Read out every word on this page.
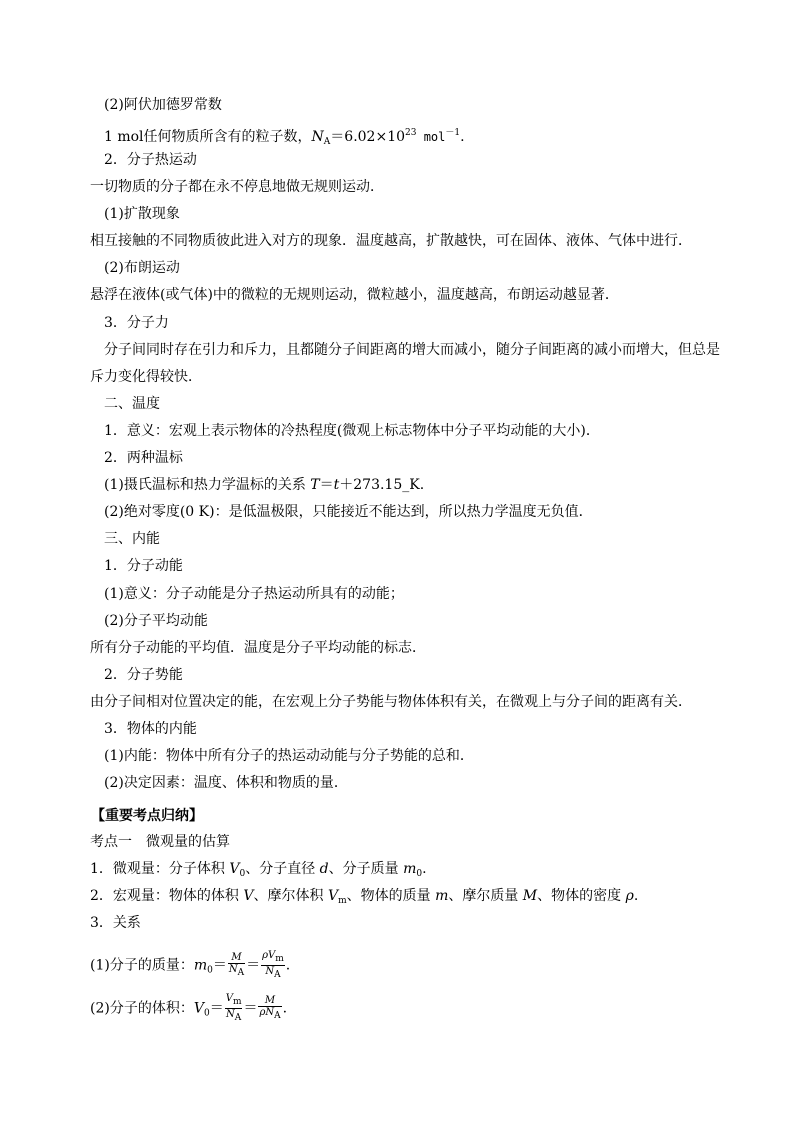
(2)阿伏加德罗常数
1 mol任何物质所含有的粒子数，$N_A=6.02\times 10^{23}$ mol$^{-1}$.
2．分子热运动
一切物质的分子都在永不停息地做无规则运动．
(1)扩散现象
相互接触的不同物质彼此进入对方的现象．温度越高，扩散越快，可在固体、液体、气体中进行．
(2)布朗运动
悬浮在液体(或气体)中的微粒的无规则运动，微粒越小，温度越高，布朗运动越显著．
3．分子力
分子间同时存在引力和斥力，且都随分子间距离的增大而减小，随分子间距离的减小而增大，但总是
斥力变化得较快．
二、温度
1．意义：宏观上表示物体的冷热程度(微观上标志物体中分子平均动能的大小)．
2．两种温标
(1)摄氏温标和热力学温标的关系 T＝t＋273.15_K.
(2)绝对零度(0 K)：是低温极限，只能接近不能达到，所以热力学温度无负值．
三、内能
1．分子动能
(1)意义：分子动能是分子热运动所具有的动能；
(2)分子平均动能
所有分子动能的平均值．温度是分子平均动能的标志．
2．分子势能
由分子间相对位置决定的能，在宏观上分子势能与物体体积有关，在微观上与分子间的距离有关．
3．物体的内能
(1)内能：物体中所有分子的热运动动能与分子势能的总和．
(2)决定因素：温度、体积和物质的量．
【重要考点归纳】
考点一　微观量的估算
1．微观量：分子体积 $V_0$、分子直径 d、分子质量 $m_0$.
2．宏观量：物体的体积 V、摩尔体积 $V_m$、物体的质量 m、摩尔质量 M、物体的密度 ρ.
3．关系
(1)分子的质量：$m_0= \frac{M}{N_A} = \frac{\rho V_m}{N_A}$ .
(2)分子的体积：$V_0= \frac{V_m}{N_A} = \frac{M}{\rho N_A}$ .
